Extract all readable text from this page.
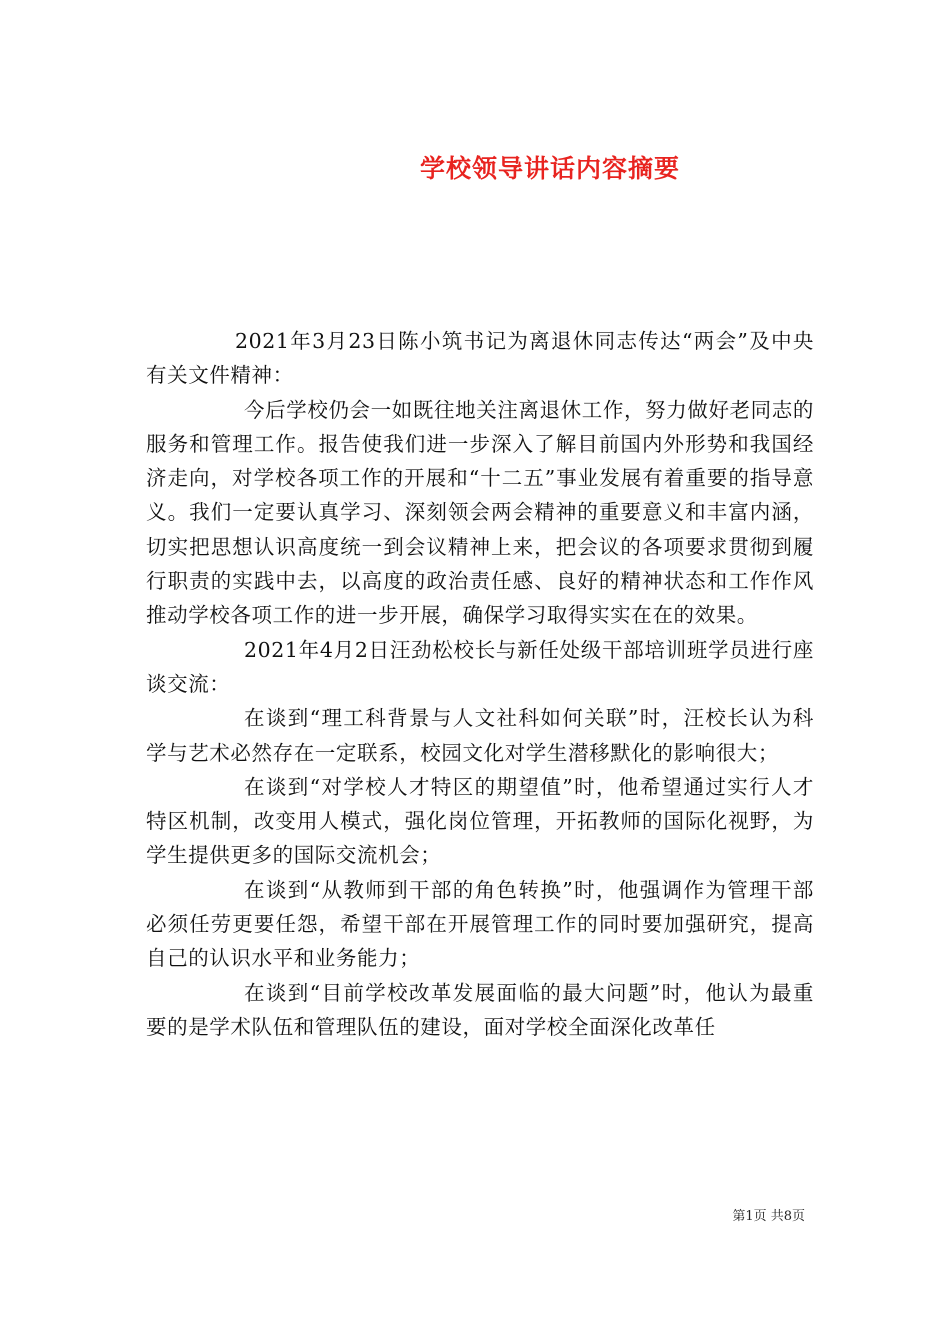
学校领导讲话内容摘要

2021年3月23日陈小筑书记为离退休同志传达“两会”及中央有关文件精神：

今后学校仍会一如既往地关注离退休工作，努力做好老同志的服务和管理工作。报告使我们进一步深入了解目前国内外形势和我国经济走向，对学校各项工作的开展和“十二五”事业发展有着重要的指导意义。我们一定要认真学习、深刻领会两会精神的重要意义和丰富内涵，切实把思想认识高度统一到会议精神上来，把会议的各项要求贯彻到履行职责的实践中去，以高度的政治责任感、良好的精神状态和工作作风推动学校各项工作的进一步开展，确保学习取得实实在在的效果。

2021年4月2日汪劲松校长与新任处级干部培训班学员进行座谈交流：

在谈到“理工科背景与人文社科如何关联”时，汪校长认为科学与艺术必然存在一定联系，校园文化对学生潜移默化的影响很大；

在谈到“对学校人才特区的期望值”时，他希望通过实行人才特区机制，改变用人模式，强化岗位管理，开拓教师的国际化视野，为学生提供更多的国际交流机会；

在谈到“从教师到干部的角色转换”时，他强调作为管理干部必须任劳更要任怨，希望干部在开展管理工作的同时要加强研究，提高自己的认识水平和业务能力；

在谈到“目前学校改革发展面临的最大问题”时，他认为最重要的是学术队伍和管理队伍的建设，面对学校全面深化改革任

第1页 共8页
